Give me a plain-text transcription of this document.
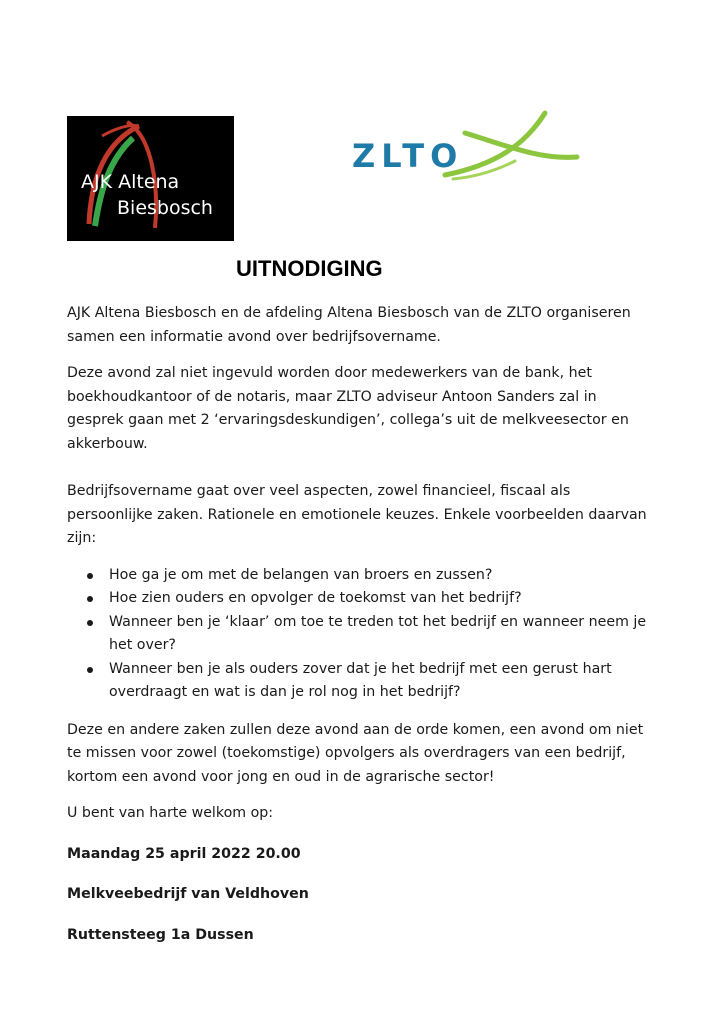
AJK Altena
Biesbosch
ZLTO
UITNODIGING

AJK Altena Biesbosch en de afdeling Altena Biesbosch van de ZLTO organiseren samen een informatie avond over bedrijfsovername.

Deze avond zal niet ingevuld worden door medewerkers van de bank, het boekhoudkantoor of de notaris, maar ZLTO adviseur Antoon Sanders zal in gesprek gaan met 2 ‘ervaringsdeskundigen’, collega’s uit de melkveesector en akkerbouw.

Bedrijfsovername gaat over veel aspecten, zowel financieel, fiscaal als persoonlijke zaken. Rationele en emotionele keuzes. Enkele voorbeelden daarvan zijn:

Hoe ga je om met de belangen van broers en zussen?
Hoe zien ouders en opvolger de toekomst van het bedrijf?
Wanneer ben je ‘klaar’ om toe te treden tot het bedrijf en wanneer neem je het over?
Wanneer ben je als ouders zover dat je het bedrijf met een gerust hart overdraagt en wat is dan je rol nog in het bedrijf?

Deze en andere zaken zullen deze avond aan de orde komen, een avond om niet te missen voor zowel (toekomstige) opvolgers als overdragers van een bedrijf, kortom een avond voor jong en oud in de agrarische sector!

U bent van harte welkom op:

Maandag 25 april 2022 20.00

Melkveebedrijf van Veldhoven

Ruttensteeg 1a Dussen
